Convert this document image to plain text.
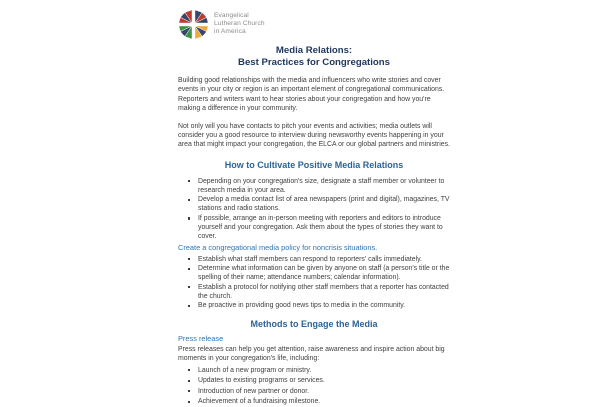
Evangelical
Lutheran Church
in America
Media Relations:
Best Practices for Congregations

Building good relationships with the media and influencers who write stories and cover events in your city or region is an important element of congregational communications. Reporters and writers want to hear stories about your congregation and how you're making a difference in your community.

Not only will you have contacts to pitch your events and activities; media outlets will consider you a good resource to interview during newsworthy events happening in your area that might impact your congregation, the ELCA or our global partners and ministries.

How to Cultivate Positive Media Relations
Depending on your congregation's size, designate a staff member or volunteer to research media in your area.
Develop a media contact list of area newspapers (print and digital), magazines, TV stations and radio stations.
If possible, arrange an in-person meeting with reporters and editors to introduce yourself and your congregation. Ask them about the types of stories they want to cover.
Create a congregational media policy for noncrisis situations.
Establish what staff members can respond to reporters' calls immediately.
Determine what information can be given by anyone on staff (a person's title or the spelling of their name; attendance numbers; calendar information).
Establish a protocol for notifying other staff members that a reporter has contacted the church.
Be proactive in providing good news tips to media in the community.
Methods to Engage the Media
Press release

Press releases can help you get attention, raise awareness and inspire action about big moments in your congregation's life, including:

Launch of a new program or ministry.
Updates to existing programs or services.
Introduction of new partner or donor.
Achievement of a fundraising milestone.
